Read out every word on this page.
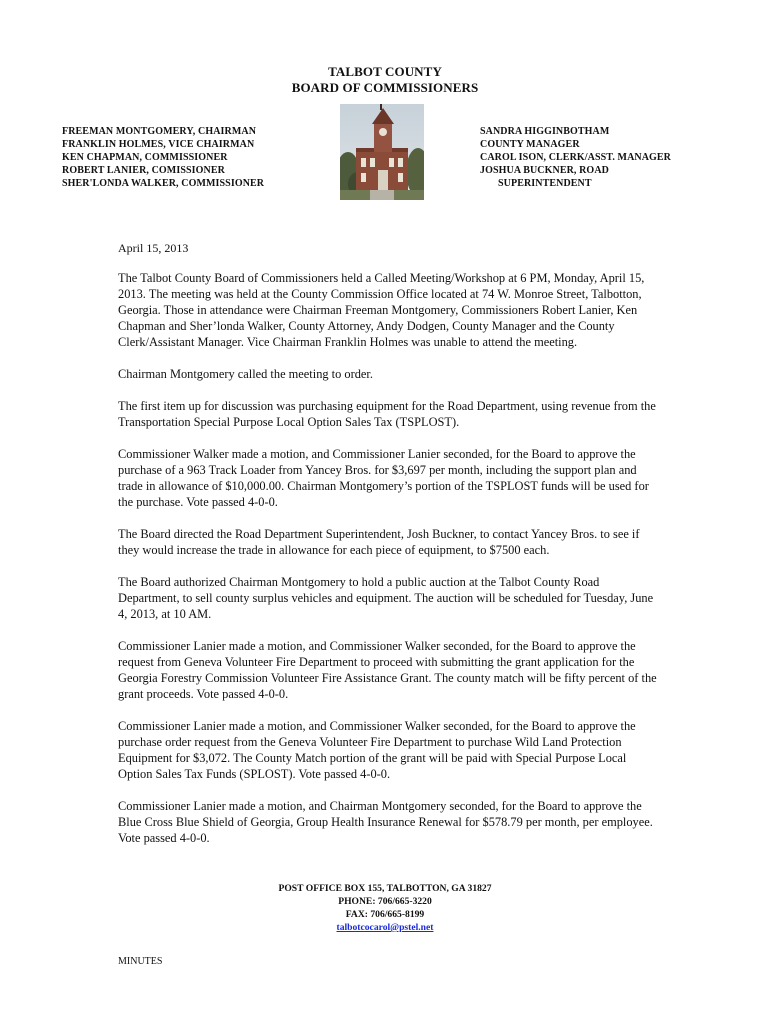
TALBOT COUNTY
BOARD OF COMMISSIONERS
FREEMAN MONTGOMERY, CHAIRMAN
FRANKLIN HOLMES, VICE CHAIRMAN
KEN CHAPMAN, COMMISSIONER
ROBERT LANIER, COMISSIONER
SHER'LONDA WALKER, COMMISSIONER
SANDRA HIGGINBOTHAM
COUNTY MANAGER
CAROL ISON, CLERK/ASST. MANAGER
JOSHUA BUCKNER, ROAD
SUPERINTENDENT
April 15, 2013

The Talbot County Board of Commissioners held a Called Meeting/Workshop at 6 PM, Monday, April 15, 2013. The meeting was held at the County Commission Office located at 74 W. Monroe Street, Talbotton, Georgia. Those in attendance were Chairman Freeman Montgomery, Commissioners Robert Lanier, Ken Chapman and Sher’londa Walker, County Attorney, Andy Dodgen, County Manager and the County Clerk/Assistant Manager. Vice Chairman Franklin Holmes was unable to attend the meeting.

Chairman Montgomery called the meeting to order.

The first item up for discussion was purchasing equipment for the Road Department, using revenue from the Transportation Special Purpose Local Option Sales Tax (TSPLOST).

Commissioner Walker made a motion, and Commissioner Lanier seconded, for the Board to approve the purchase of a 963 Track Loader from Yancey Bros. for $3,697 per month, including the support plan and trade in allowance of $10,000.00. Chairman Montgomery’s portion of the TSPLOST funds will be used for the purchase. Vote passed 4-0-0.

The Board directed the Road Department Superintendent, Josh Buckner, to contact Yancey Bros. to see if they would increase the trade in allowance for each piece of equipment, to $7500 each.

The Board authorized Chairman Montgomery to hold a public auction at the Talbot County Road Department, to sell county surplus vehicles and equipment. The auction will be scheduled for Tuesday, June 4, 2013, at 10 AM.

Commissioner Lanier made a motion, and Commissioner Walker seconded, for the Board to approve the request from Geneva Volunteer Fire Department to proceed with submitting the grant application for the Georgia Forestry Commission Volunteer Fire Assistance Grant. The county match will be fifty percent of the grant proceeds. Vote passed 4-0-0.

Commissioner Lanier made a motion, and Commissioner Walker seconded, for the Board to approve the purchase order request from the Geneva Volunteer Fire Department to purchase Wild Land Protection Equipment for $3,072. The County Match portion of the grant will be paid with Special Purpose Local Option Sales Tax Funds (SPLOST). Vote passed 4-0-0.

Commissioner Lanier made a motion, and Chairman Montgomery seconded, for the Board to approve the Blue Cross Blue Shield of Georgia, Group Health Insurance Renewal for $578.79 per month, per employee. Vote passed 4-0-0.

POST OFFICE BOX 155, TALBOTTON, GA 31827
PHONE: 706/665-3220
FAX: 706/665-8199
talbotcocarol@pstel.net
MINUTES
